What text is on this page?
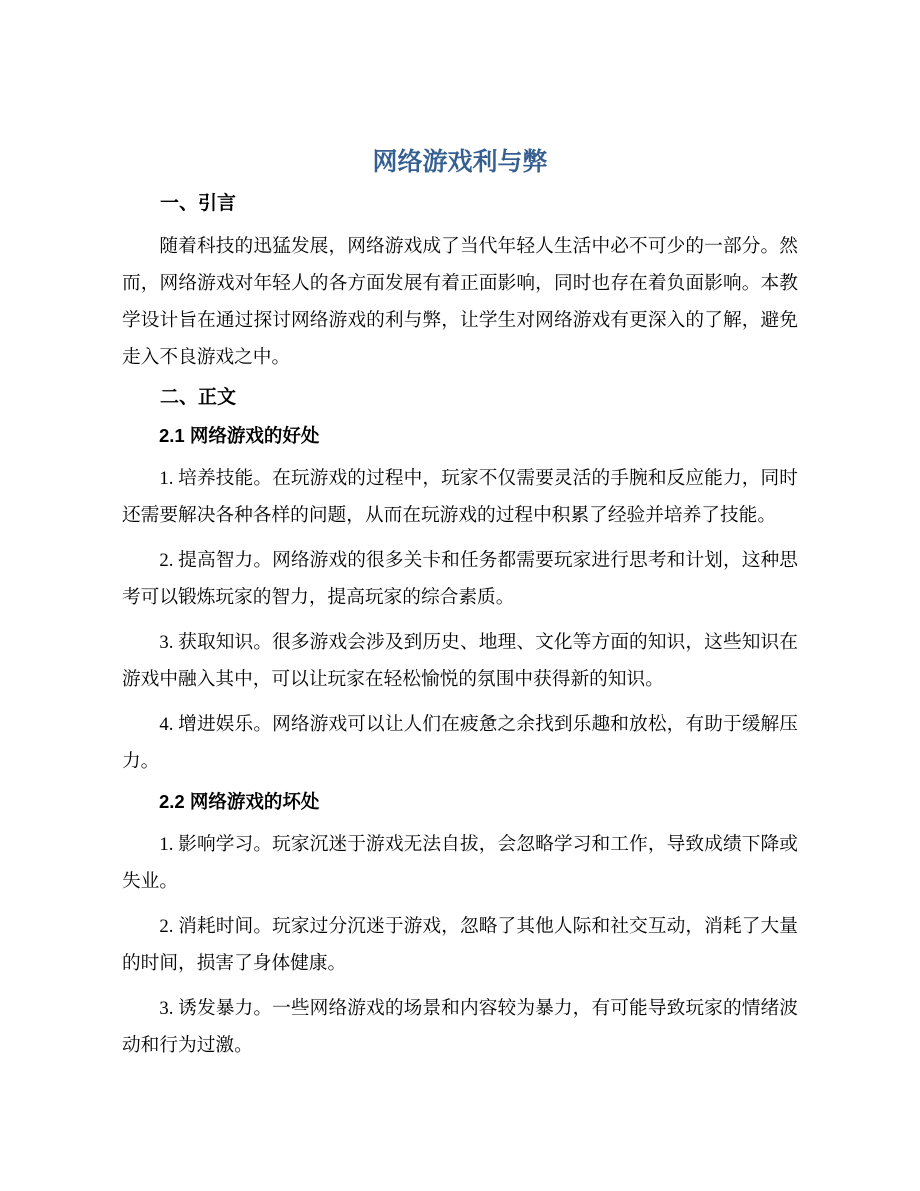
网络游戏利与弊
一、引言

随着科技的迅猛发展，网络游戏成了当代年轻人生活中必不可少的一部分。然而，网络游戏对年轻人的各方面发展有着正面影响，同时也存在着负面影响。本教学设计旨在通过探讨网络游戏的利与弊，让学生对网络游戏有更深入的了解，避免走入不良游戏之中。

二、正文
2.1 网络游戏的好处

1. 培养技能。在玩游戏的过程中，玩家不仅需要灵活的手腕和反应能力，同时还需要解决各种各样的问题，从而在玩游戏的过程中积累了经验并培养了技能。

2. 提高智力。网络游戏的很多关卡和任务都需要玩家进行思考和计划，这种思考可以锻炼玩家的智力，提高玩家的综合素质。

3. 获取知识。很多游戏会涉及到历史、地理、文化等方面的知识，这些知识在游戏中融入其中，可以让玩家在轻松愉悦的氛围中获得新的知识。

4. 增进娱乐。网络游戏可以让人们在疲惫之余找到乐趣和放松，有助于缓解压力。

2.2 网络游戏的坏处

1. 影响学习。玩家沉迷于游戏无法自拔，会忽略学习和工作，导致成绩下降或失业。

2. 消耗时间。玩家过分沉迷于游戏，忽略了其他人际和社交互动，消耗了大量的时间，损害了身体健康。

3. 诱发暴力。一些网络游戏的场景和内容较为暴力，有可能导致玩家的情绪波动和行为过激。
